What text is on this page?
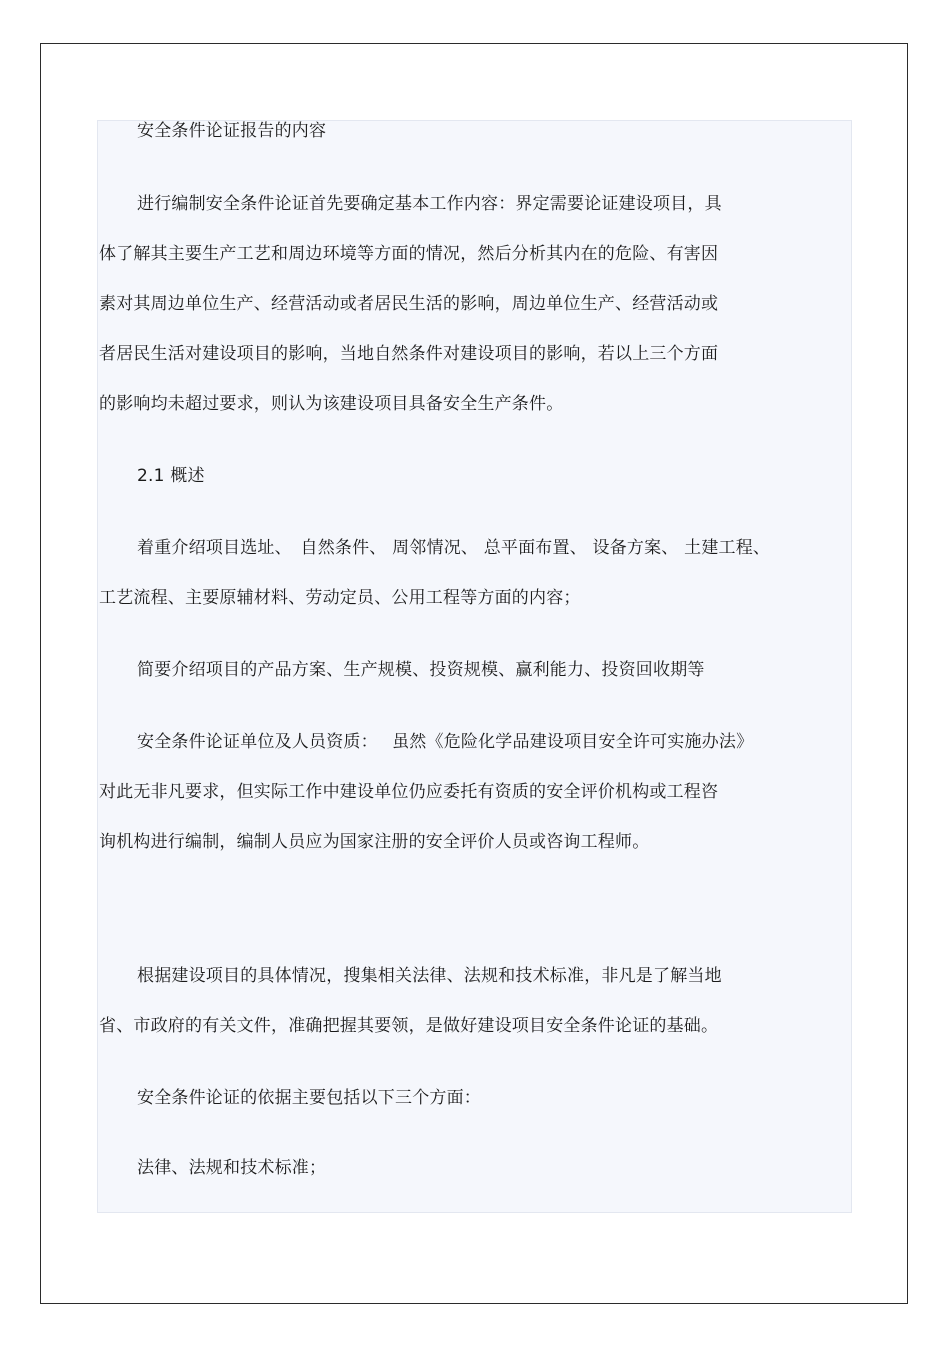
安全条件论证报告的内容
进行编制安全条件论证首先要确定基本工作内容：界定需要论证建设项目，具
体了解其主要生产工艺和周边环境等方面的情况，然后分析其内在的危险、有害因
素对其周边单位生产、经营活动或者居民生活的影响，周边单位生产、经营活动或
者居民生活对建设项目的影响，当地自然条件对建设项目的影响，若以上三个方面
的影响均未超过要求，则认为该建设项目具备安全生产条件。
2.1 概述
着重介绍项目选址、　自然条件、 周邻情况、 总平面布置、 设备方案、 土建工程、
工艺流程、主要原辅材料、劳动定员、公用工程等方面的内容；
简要介绍项目的产品方案、生产规模、投资规模、赢利能力、投资回收期等
安全条件论证单位及人员资质：　 虽然《危险化学品建设项目安全许可实施办法》
对此无非凡要求，但实际工作中建设单位仍应委托有资质的安全评价机构或工程咨
询机构进行编制，编制人员应为国家注册的安全评价人员或咨询工程师。
根据建设项目的具体情况，搜集相关法律、法规和技术标准，非凡是了解当地
省、市政府的有关文件，准确把握其要领，是做好建设项目安全条件论证的基础。
安全条件论证的依据主要包括以下三个方面：
法律、法规和技术标准；
